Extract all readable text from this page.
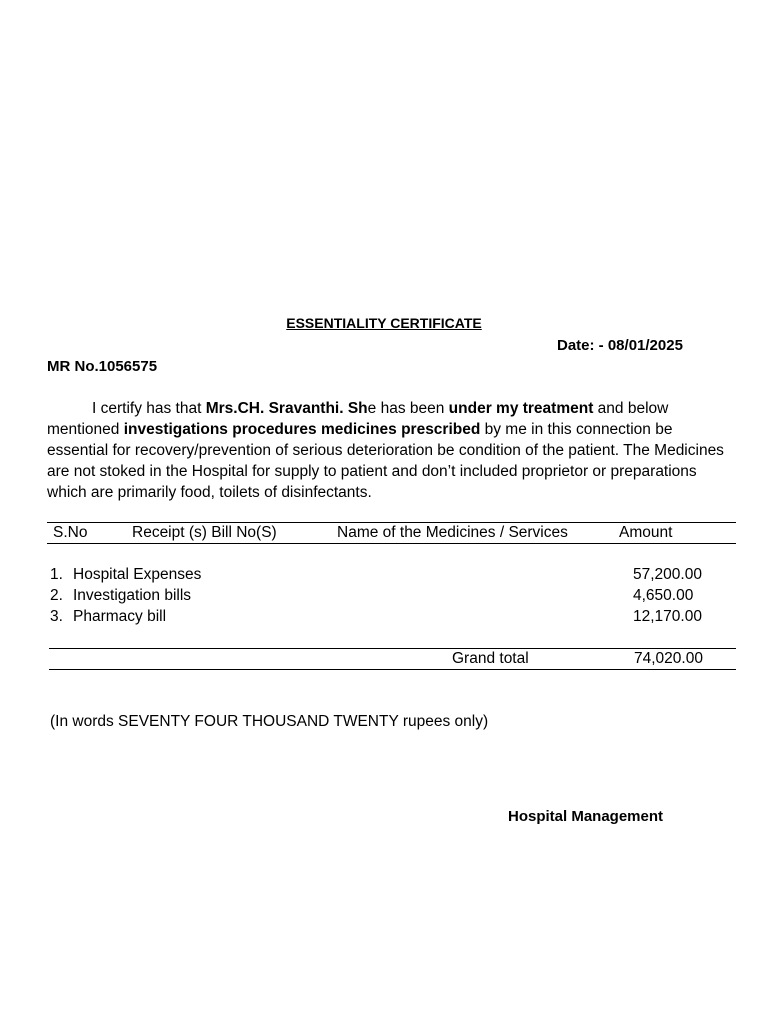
ESSENTIALITY CERTIFICATE
Date: - 08/01/2025
MR No.1056575
I certify has that Mrs.CH. Sravanthi. She has been under my treatment and below mentioned investigations procedures medicines prescribed by me in this connection be essential for recovery/prevention of serious deterioration be condition of the patient. The Medicines are not stoked in the Hospital for supply to patient and don’t included proprietor or preparations which are primarily food, toilets of disinfectants.
S.No	Receipt (s) Bill No(S)	Name of the Medicines / Services	Amount
1. Hospital Expenses	57,200.00
2. Investigation bills	4,650.00
3. Pharmacy bill	12,170.00
Grand total	74,020.00
(In words SEVENTY FOUR THOUSAND TWENTY rupees only)
Hospital Management
